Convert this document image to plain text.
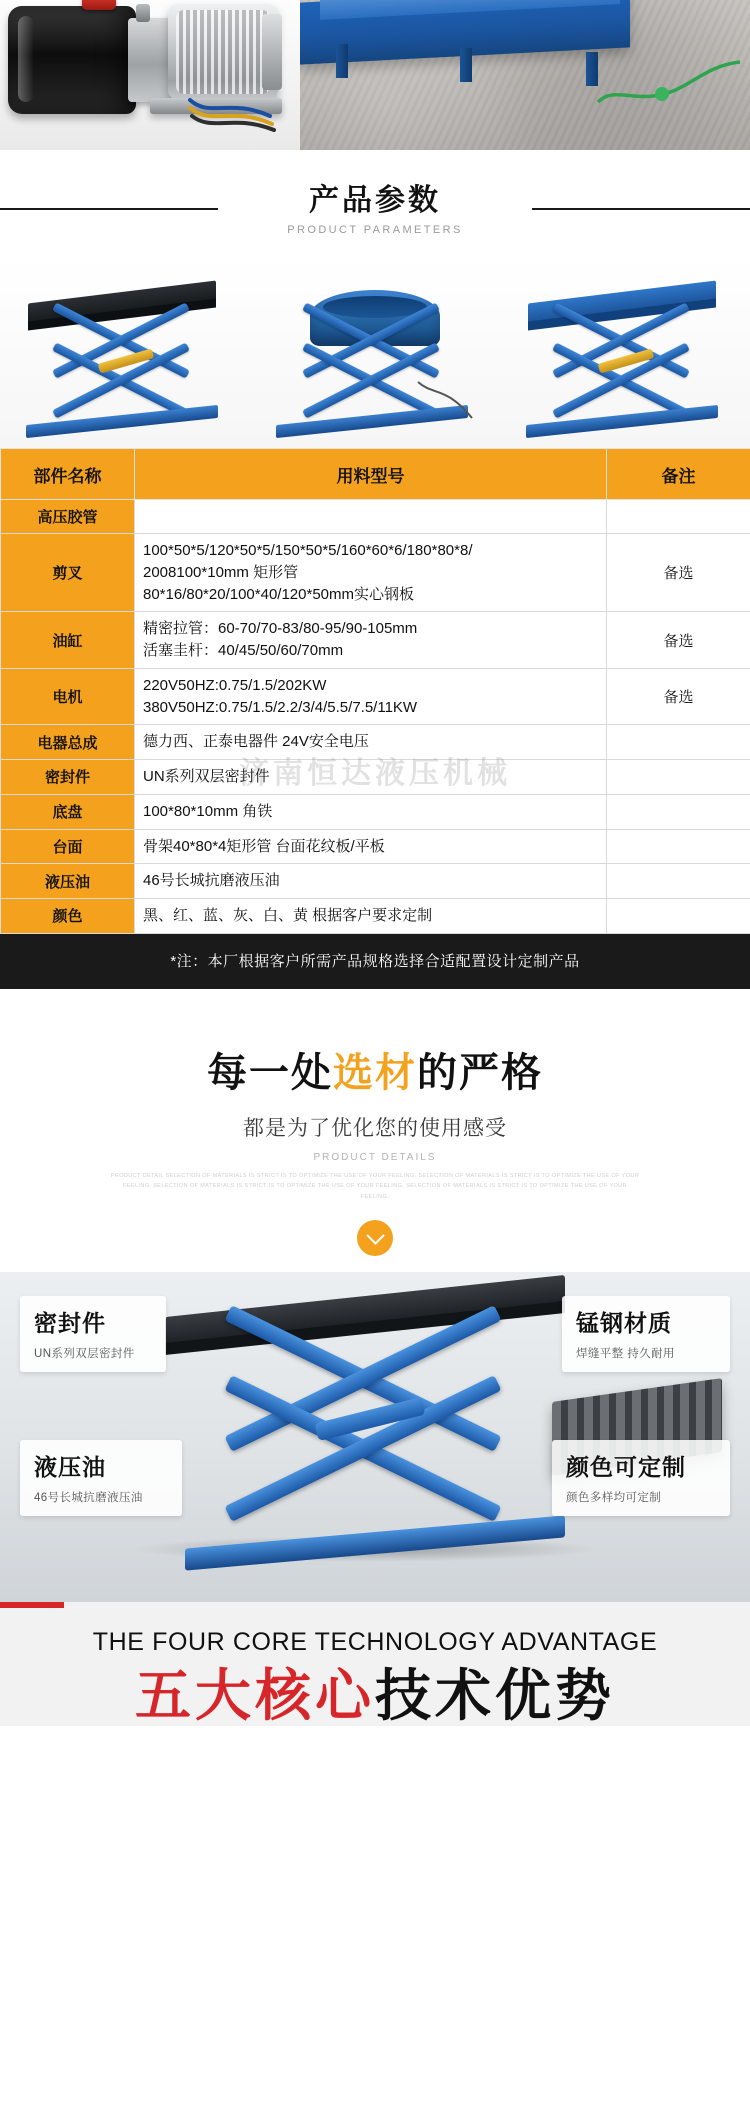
产品参数
PRODUCT PARAMETERS
济南恒达液压机械
部件名称	用料型号	备注
高压胶管	

剪叉	100*50*5/120*50*5/150*50*5/160*60*6/180*80*8/
2008100*10mm 矩形管
80*16/80*20/100*40/120*50mm实心钢板	备选
油缸	精密拉管：60-70/70-83/80-95/90-105mm
活塞圭杆：40/45/50/60/70mm	备选
电机	220V50HZ:0.75/1.5/202KW
380V50HZ:0.75/1.5/2.2/3/4/5.5/7.5/11KW	备选
电器总成	德力西、正泰电器件 24V安全电压	

密封件	UN系列双层密封件	

底盘	100*80*10mm 角铁	

台面	骨架40*80*4矩形管 台面花纹板/平板	

液压油	46号长城抗磨液压油	

颜色	黑、红、蓝、灰、白、黄 根据客户要求定制	

*注：本厂根据客户所需产品规格选择合适配置设计定制产品
每一处选材的严格
都是为了优化您的使用感受
PRODUCT DETAILS
PRODUCT DETAIL SELECTION OF MATERIALS IS STRICT IS TO OPTIMIZE THE USE OF YOUR FEELING. SELECTION OF MATERIALS IS STRICT IS TO OPTIMIZE THE USE OF YOUR FEELING. SELECTION OF MATERIALS IS STRICT IS TO OPTIMIZE THE USE OF YOUR FEELING. SELECTION OF MATERIALS IS STRICT IS TO OPTIMIZE THE USE OF YOUR FEELING.
密封件
UN系列双层密封件
锰钢材质
焊缝平整 持久耐用
液压油
46号长城抗磨液压油
颜色可定制
颜色多样均可定制
THE FOUR CORE TECHNOLOGY ADVANTAGE
五大核心技术优势
